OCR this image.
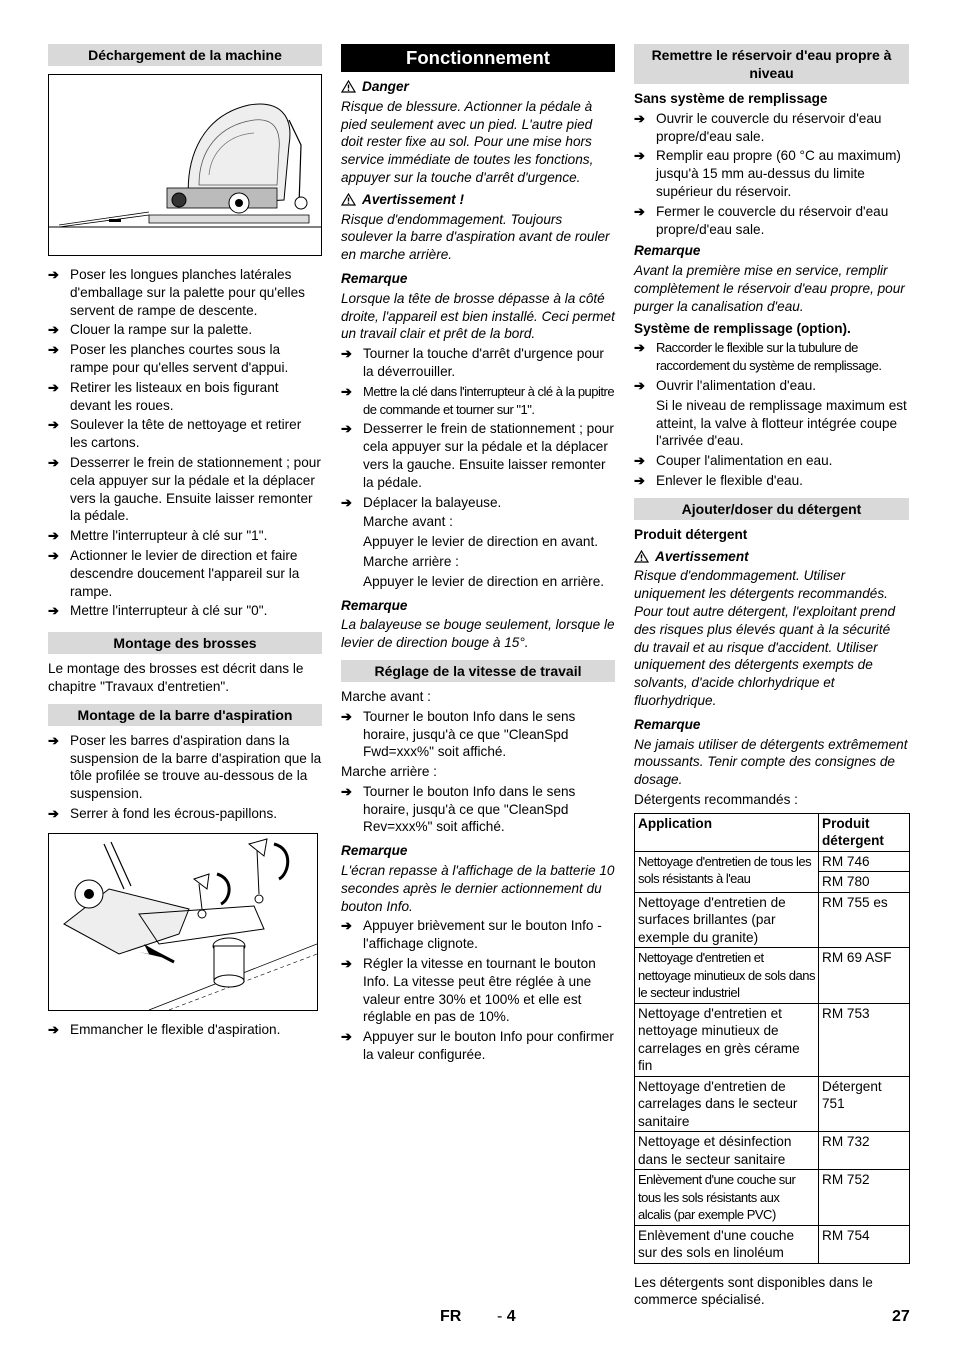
Déchargement de la machine
➔ Poser les longues planches latérales d'emballage sur la palette pour qu'elles servent de rampe de descente.
➔ Clouer la rampe sur la palette.
➔ Poser les planches courtes sous la rampe pour qu'elles servent d'appui.
➔ Retirer les listeaux en bois figurant devant les roues.
➔ Soulever la tête de nettoyage et retirer les cartons.
➔ Desserrer le frein de stationnement ; pour cela appuyer sur la pédale et la déplacer vers la gauche. Ensuite laisser remonter la pédale.
➔ Mettre l'interrupteur à clé sur "1".
➔ Actionner le levier de direction et faire descendre doucement l'appareil sur la rampe.
➔ Mettre l'interrupteur à clé sur "0".
Montage des brosses

Le montage des brosses est décrit dans le chapitre "Travaux d'entretien".

Montage de la barre d'aspiration
➔ Poser les barres d'aspiration dans la suspension de la barre d'aspiration que la tôle profilée se trouve au-dessous de la suspension.
➔ Serrer à fond les écrous-papillons.
➔ Emmancher le flexible d'aspiration.
Fonctionnement
Danger

Risque de blessure. Actionner la pédale à pied seulement avec un pied. L'autre pied doit rester fixe au sol. Pour une mise hors service immédiate de toutes les fonctions, appuyer sur la touche d'arrêt d'urgence.

Avertissement !

Risque d'endommagement. Toujours soulever la barre d'aspiration avant de rouler en marche arrière.

Remarque

Lorsque la tête de brosse dépasse à la côté droite, l'appareil est bien installé. Ceci permet un travail clair et prêt de la bord.

➔ Tourner la touche d'arrêt d'urgence pour la déverrouiller.
➔ Mettre la clé dans l'interrupteur à clé à la pupitre de commande et tourner sur "1".
➔ Desserrer le frein de stationnement ; pour cela appuyer sur la pédale et la déplacer vers la gauche. Ensuite laisser remonter la pédale.
➔ Déplacer la balayeuse.

Marche avant :

Appuyer le levier de direction en avant.

Marche arrière :

Appuyer le levier de direction en arrière.

Remarque

La balayeuse se bouge seulement, lorsque le levier de direction bouge à 15°.

Réglage de la vitesse de travail

Marche avant :

➔ Tourner le bouton Info dans le sens horaire, jusqu'à ce que "CleanSpd Fwd=xxx%" soit affiché.

Marche arrière :

➔ Tourner le bouton Info dans le sens horaire, jusqu'à ce que "CleanSpd Rev=xxx%" soit affiché.

Remarque

L'écran repasse à l'affichage de la batterie 10 secondes après le dernier actionnement du bouton Info.

➔ Appuyer brièvement sur le bouton Info - l'affichage clignote.
➔ Régler la vitesse en tournant le bouton Info. La vitesse peut être réglée à une valeur entre 30% et 100% et elle est réglable en pas de 10%.
➔ Appuyer sur le bouton Info pour confirmer la valeur configurée.
Remettre le réservoir d'eau propre à niveau

Sans système de remplissage

➔ Ouvrir le couvercle du réservoir d'eau propre/d'eau sale.
➔ Remplir eau propre (60 °C au maximum) jusqu'à 15 mm au-dessus du limite supérieur du réservoir.
➔ Fermer le couvercle du réservoir d'eau propre/d'eau sale.

Remarque

Avant la première mise en service, remplir complètement le réservoir d'eau propre, pour purger la canalisation d'eau.

Système de remplissage (option).

➔ Raccorder le flexible sur la tubulure de raccordement du système de remplissage.
➔ Ouvrir l'alimentation d'eau.

Si le niveau de remplissage maximum est atteint, la valve à flotteur intégrée coupe l'arrivée d'eau.

➔ Couper l'alimentation en eau.
➔ Enlever le flexible d'eau.
Ajouter/doser du détergent

Produit détergent

Avertissement

Risque d'endommagement. Utiliser uniquement les détergents recommandés. Pour tout autre détergent, l'exploitant prend des risques plus élevés quant à la sécurité du travail et au risque d'accident. Utiliser uniquement des détergents exempts de solvants, d'acide chlorhydrique et fluorhydrique.

Remarque

Ne jamais utiliser de détergents extrêmement moussants. Tenir compte des consignes de dosage.

Détergents recommandés :

Application	Produit détergent
Nettoyage d'entretien de tous les sols résistants à l'eau	RM 746
	RM 780
Nettoyage d'entretien de surfaces brillantes (par exemple du granite)	RM 755 es
Nettoyage d'entretien et nettoyage minutieux de sols dans le secteur industriel	RM 69 ASF
Nettoyage d'entretien et nettoyage minutieux de carrelages en grès cérame fin	RM 753
Nettoyage d'entretien de carrelages dans le secteur sanitaire	Détergent 751
Nettoyage et désinfection dans le secteur sanitaire	RM 732
Enlèvement d'une couche sur tous les sols résistants aux alcalis (par exemple PVC)	RM 752
Enlèvement d'une couche sur des sols en linoléum	RM 754

Les détergents sont disponibles dans le commerce spécialisé.

FR - 4	27
